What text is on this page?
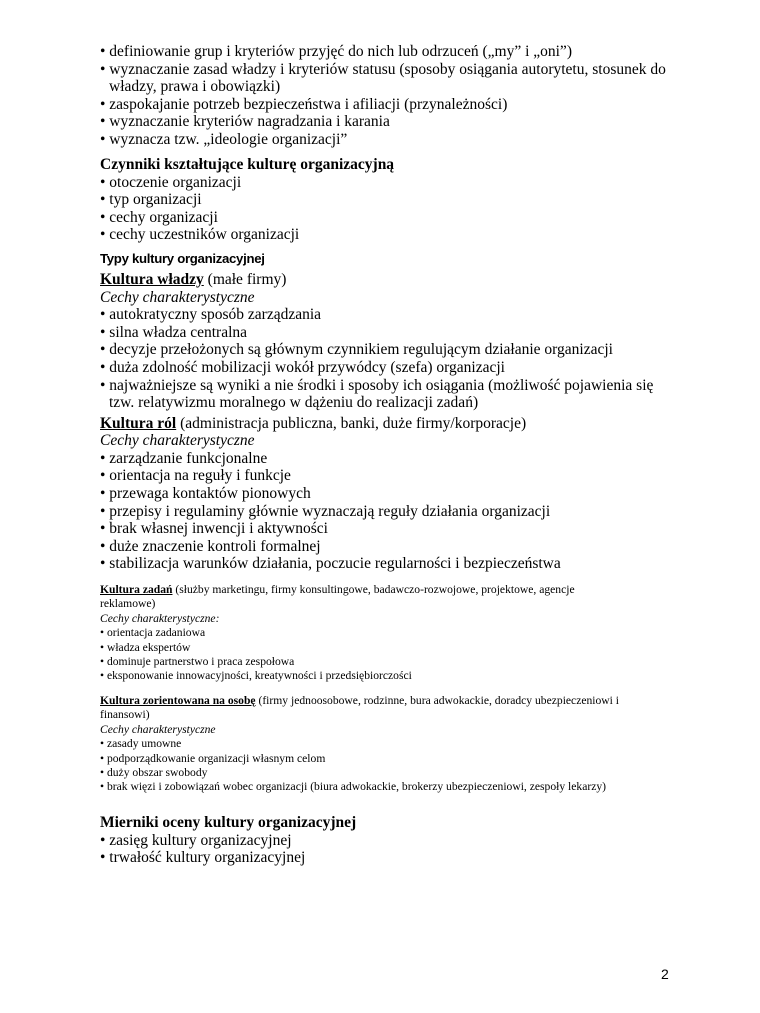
• definiowanie grup i kryteriów przyjęć do nich lub odrzuceń („my” i „oni”)
• wyznaczanie zasad władzy i kryteriów statusu (sposoby osiągania autorytetu, stosunek do
władzy, prawa i obowiązki)
• zaspokajanie potrzeb bezpieczeństwa i afiliacji (przynależności)
• wyznaczanie kryteriów nagradzania i karania
• wyznacza tzw. „ideologie organizacji”
Czynniki kształtujące kulturę organizacyjną
• otoczenie organizacji
• typ organizacji
• cechy organizacji
• cechy uczestników organizacji
Typy kultury organizacyjnej
Kultura władzy (małe firmy)
Cechy charakterystyczne
• autokratyczny sposób zarządzania
• silna władza centralna
• decyzje przełożonych są głównym czynnikiem regulującym działanie organizacji
• duża zdolność mobilizacji wokół przywódcy (szefa) organizacji
• najważniejsze są wyniki a nie środki i sposoby ich osiągania (możliwość pojawienia się
tzw. relatywizmu moralnego w dążeniu do realizacji zadań)
Kultura ról (administracja publiczna, banki, duże firmy/korporacje)
Cechy charakterystyczne
• zarządzanie funkcjonalne
• orientacja na reguły i funkcje
• przewaga kontaktów pionowych
• przepisy i regulaminy głównie wyznaczają reguły działania organizacji
• brak własnej inwencji i aktywności
• duże znaczenie kontroli formalnej
• stabilizacja warunków działania, poczucie regularności i bezpieczeństwa
Kultura zadań (służby marketingu, firmy konsultingowe, badawczo-rozwojowe, projektowe, agencje
reklamowe)
Cechy charakterystyczne:
• orientacja zadaniowa
• władza ekspertów
• dominuje partnerstwo i praca zespołowa
• eksponowanie innowacyjności, kreatywności i przedsiębiorczości
Kultura zorientowana na osobę (firmy jednoosobowe, rodzinne, bura adwokackie, doradcy ubezpieczeniowi i
finansowi)
Cechy charakterystyczne
• zasady umowne
• podporządkowanie organizacji własnym celom
• duży obszar swobody
• brak więzi i zobowiązań wobec organizacji (biura adwokackie, brokerzy ubezpieczeniowi, zespoły lekarzy)
Mierniki oceny kultury organizacyjnej
• zasięg kultury organizacyjnej
• trwałość kultury organizacyjnej
2
